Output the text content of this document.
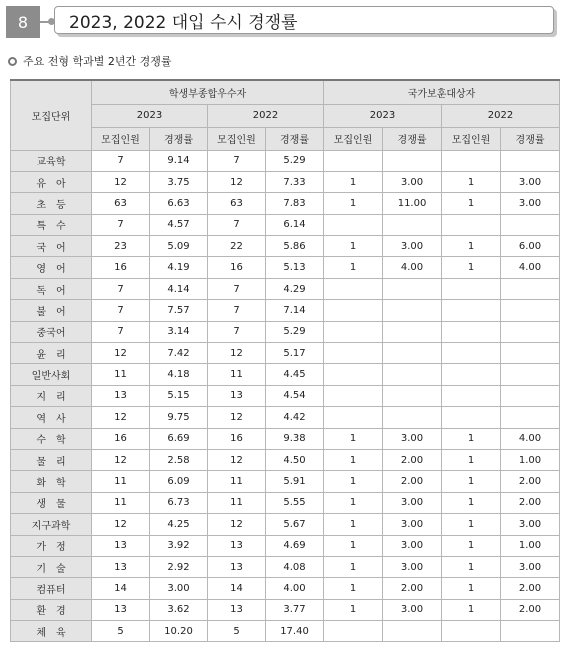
8	2023, 2022 대입 수시 경쟁률
주요 전형 학과별 2년간 경쟁률
모집단위	학생부종합우수자				국가보훈대상자			
	2023		2022		2023		2022	
	모집인원	경쟁률	모집인원	경쟁률	모집인원	경쟁률	모집인원	경쟁률
교육학	7	9.14	7	5.29				
유　아	12	3.75	12	7.33	1	3.00	1	3.00
초　등	63	6.63	63	7.83	1	11.00	1	3.00
특　수	7	4.57	7	6.14				
국　어	23	5.09	22	5.86	1	3.00	1	6.00
영　어	16	4.19	16	5.13	1	4.00	1	4.00
독　어	7	4.14	7	4.29				
불　어	7	7.57	7	7.14				
중국어	7	3.14	7	5.29				
윤　리	12	7.42	12	5.17				
일반사회	11	4.18	11	4.45				
지　리	13	5.15	13	4.54				
역　사	12	9.75	12	4.42				
수　학	16	6.69	16	9.38	1	3.00	1	4.00
물　리	12	2.58	12	4.50	1	2.00	1	1.00
화　학	11	6.09	11	5.91	1	2.00	1	2.00
생　물	11	6.73	11	5.55	1	3.00	1	2.00
지구과학	12	4.25	12	5.67	1	3.00	1	3.00
가　정	13	3.92	13	4.69	1	3.00	1	1.00
기　술	13	2.92	13	4.08	1	3.00	1	3.00
컴퓨터	14	3.00	14	4.00	1	2.00	1	2.00
환　경	13	3.62	13	3.77	1	3.00	1	2.00
체　육	5	10.20	5	17.40				
